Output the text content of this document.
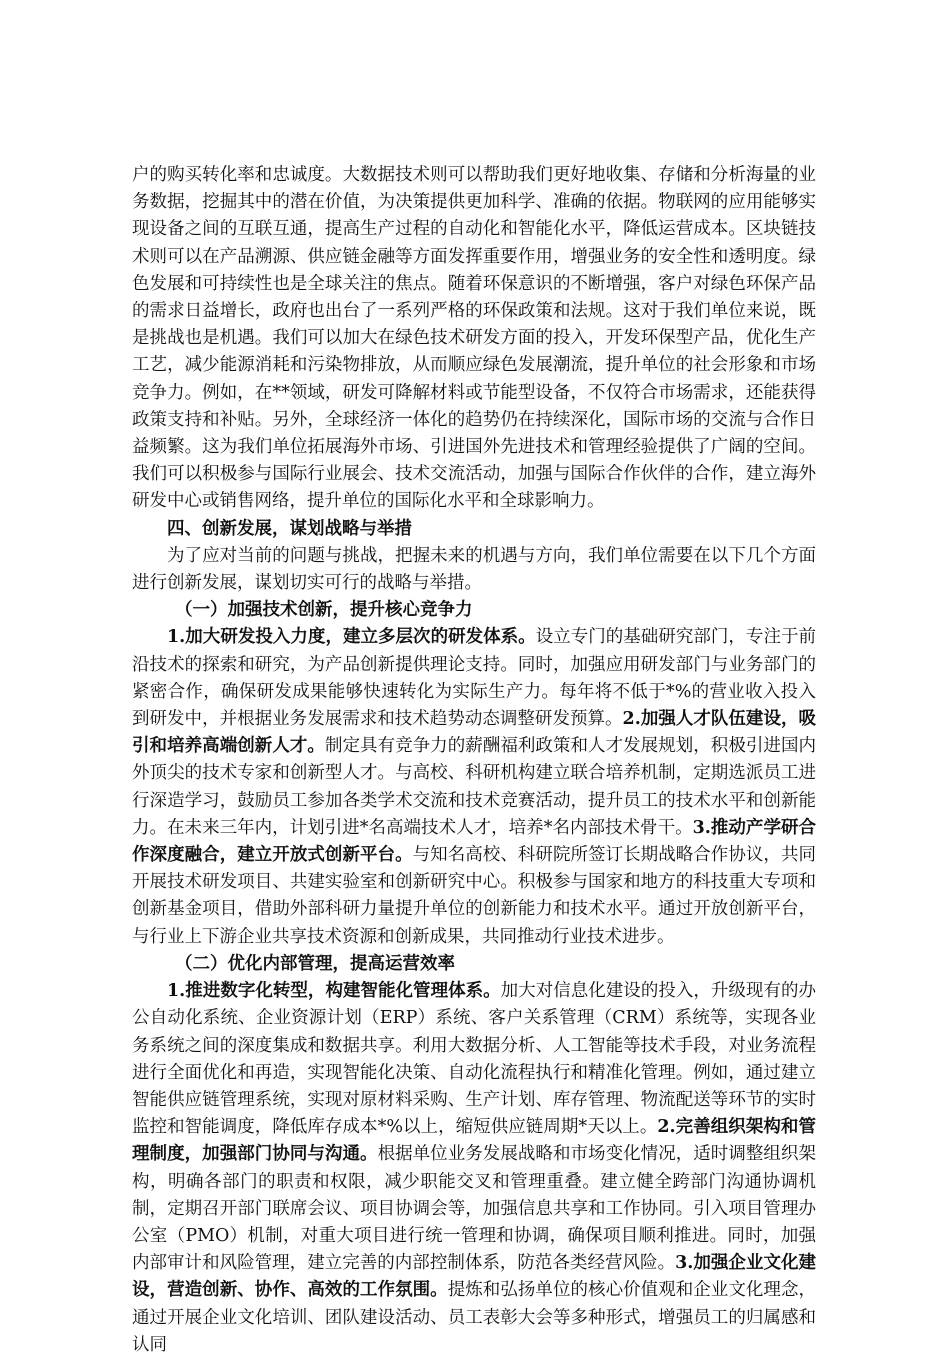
户的购买转化率和忠诚度。大数据技术则可以帮助我们更好地收集、存储和分析海量的业务数据，挖掘其中的潜在价值，为决策提供更加科学、准确的依据。物联网的应用能够实现设备之间的互联互通，提高生产过程的自动化和智能化水平，降低运营成本。区块链技术则可以在产品溯源、供应链金融等方面发挥重要作用，增强业务的安全性和透明度。绿色发展和可持续性也是全球关注的焦点。随着环保意识的不断增强，客户对绿色环保产品的需求日益增长，政府也出台了一系列严格的环保政策和法规。这对于我们单位来说，既是挑战也是机遇。我们可以加大在绿色技术研发方面的投入，开发环保型产品，优化生产工艺，减少能源消耗和污染物排放，从而顺应绿色发展潮流，提升单位的社会形象和市场竞争力。例如，在**领域，研发可降解材料或节能型设备，不仅符合市场需求，还能获得政策支持和补贴。另外，全球经济一体化的趋势仍在持续深化，国际市场的交流与合作日益频繁。这为我们单位拓展海外市场、引进国外先进技术和管理经验提供了广阔的空间。我们可以积极参与国际行业展会、技术交流活动，加强与国际合作伙伴的合作，建立海外研发中心或销售网络，提升单位的国际化水平和全球影响力。

四、创新发展，谋划战略与举措

为了应对当前的问题与挑战，把握未来的机遇与方向，我们单位需要在以下几个方面进行创新发展，谋划切实可行的战略与举措。

（一）加强技术创新，提升核心竞争力

1.加大研发投入力度，建立多层次的研发体系。设立专门的基础研究部门，专注于前沿技术的探索和研究，为产品创新提供理论支持。同时，加强应用研发部门与业务部门的紧密合作，确保研发成果能够快速转化为实际生产力。每年将不低于*%的营业收入投入到研发中，并根据业务发展需求和技术趋势动态调整研发预算。2.加强人才队伍建设，吸引和培养高端创新人才。制定具有竞争力的薪酬福利政策和人才发展规划，积极引进国内外顶尖的技术专家和创新型人才。与高校、科研机构建立联合培养机制，定期选派员工进行深造学习，鼓励员工参加各类学术交流和技术竞赛活动，提升员工的技术水平和创新能力。在未来三年内，计划引进*名高端技术人才，培养*名内部技术骨干。3.推动产学研合作深度融合，建立开放式创新平台。与知名高校、科研院所签订长期战略合作协议，共同开展技术研发项目、共建实验室和创新研究中心。积极参与国家和地方的科技重大专项和创新基金项目，借助外部科研力量提升单位的创新能力和技术水平。通过开放创新平台，与行业上下游企业共享技术资源和创新成果，共同推动行业技术进步。

（二）优化内部管理，提高运营效率

1.推进数字化转型，构建智能化管理体系。加大对信息化建设的投入，升级现有的办公自动化系统、企业资源计划（ERP）系统、客户关系管理（CRM）系统等，实现各业务系统之间的深度集成和数据共享。利用大数据分析、人工智能等技术手段，对业务流程进行全面优化和再造，实现智能化决策、自动化流程执行和精准化管理。例如，通过建立智能供应链管理系统，实现对原材料采购、生产计划、库存管理、物流配送等环节的实时监控和智能调度，降低库存成本*%以上，缩短供应链周期*天以上。2.完善组织架构和管理制度，加强部门协同与沟通。根据单位业务发展战略和市场变化情况，适时调整组织架构，明确各部门的职责和权限，减少职能交叉和管理重叠。建立健全跨部门沟通协调机制，定期召开部门联席会议、项目协调会等，加强信息共享和工作协同。引入项目管理办公室（PMO）机制，对重大项目进行统一管理和协调，确保项目顺利推进。同时，加强内部审计和风险管理，建立完善的内部控制体系，防范各类经营风险。3.加强企业文化建设，营造创新、协作、高效的工作氛围。提炼和弘扬单位的核心价值观和企业文化理念，通过开展企业文化培训、团队建设活动、员工表彰大会等多种形式，增强员工的归属感和认同
